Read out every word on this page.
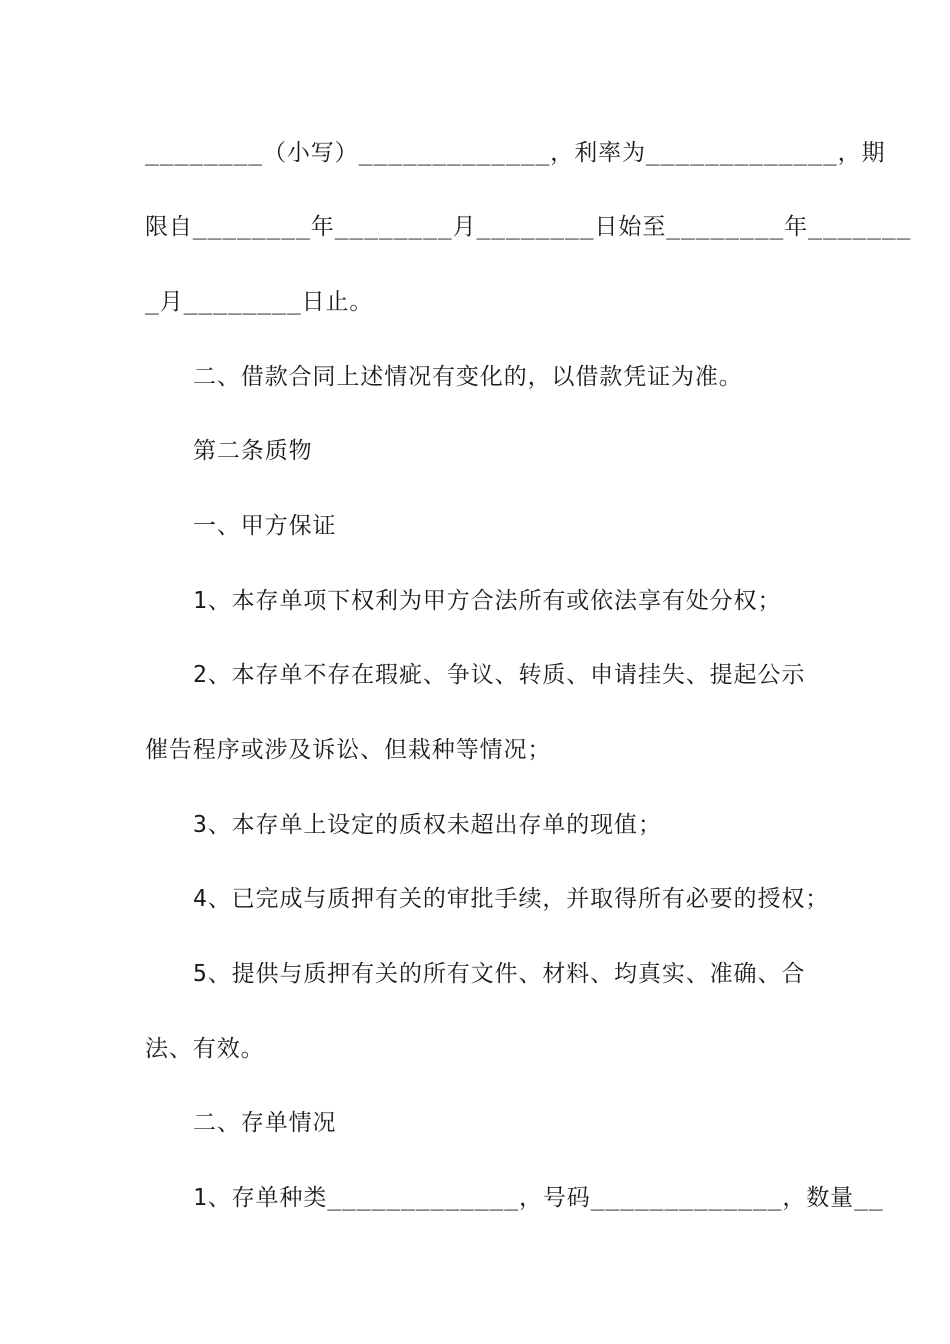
________（小写）_____________，利率为_____________，期
限自________年________月________日始至________年_______
_月________日止。
二、借款合同上述情况有变化的，以借款凭证为准。
第二条质物
一、甲方保证
1、本存单项下权利为甲方合法所有或依法享有处分权；
2、本存单不存在瑕疵、争议、转质、申请挂失、提起公示
催告程序或涉及诉讼、但栽种等情况；
3、本存单上设定的质权未超出存单的现值；
4、已完成与质押有关的审批手续，并取得所有必要的授权；
5、提供与质押有关的所有文件、材料、均真实、准确、合
法、有效。
二、存单情况
1、存单种类_____________，号码_____________，数量__
